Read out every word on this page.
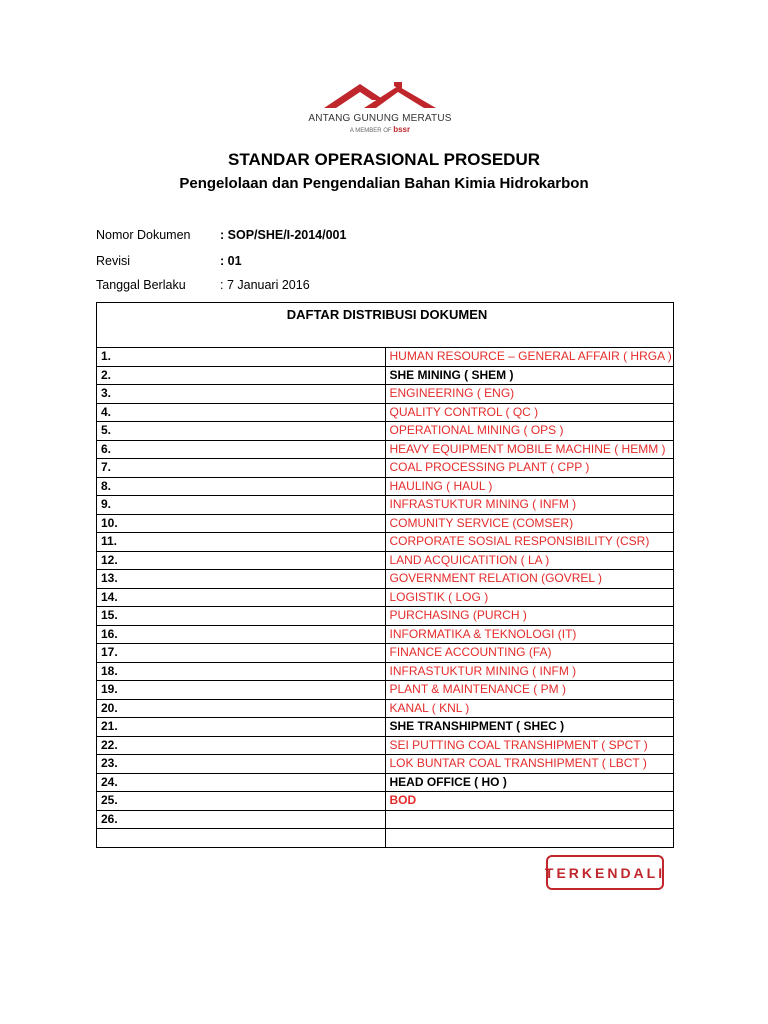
ANTANG GUNUNG MERATUS
A MEMBER OF bssr
STANDAR OPERASIONAL PROSEDUR
Pengelolaan dan Pengendalian Bahan Kimia Hidrokarbon
Nomor Dokumen : SOP/SHE/I-2014/001
Revisi	: 01
Tanggal Berlaku	: 7 Januari 2016
DAFTAR DISTRIBUSI DOKUMEN	
1.	HUMAN RESOURCE – GENERAL AFFAIR ( HRGA )
2.	SHE MINING ( SHEM )
3.	ENGINEERING ( ENG)
4.	QUALITY CONTROL ( QC )
5.	OPERATIONAL MINING ( OPS )
6.	HEAVY EQUIPMENT MOBILE MACHINE ( HEMM )
7.	COAL PROCESSING PLANT ( CPP )
8.	HAULING ( HAUL )
9.	INFRASTUKTUR MINING ( INFM )
10.	COMUNITY SERVICE (COMSER)
11.	CORPORATE SOSIAL RESPONSIBILITY (CSR)
12.	LAND ACQUICATITION ( LA )
13.	GOVERNMENT RELATION (GOVREL )
14.	LOGISTIK ( LOG )
15.	PURCHASING (PURCH )
16.	INFORMATIKA & TEKNOLOGI (IT)
17.	FINANCE ACCOUNTING (FA)
18.	INFRASTUKTUR MINING ( INFM )
19.	PLANT & MAINTENANCE ( PM )
20.	KANAL ( KNL )
21.	SHE TRANSHIPMENT ( SHEC )
22.	SEI PUTTING COAL TRANSHIPMENT ( SPCT )
23.	LOK BUNTAR COAL TRANSHIPMENT ( LBCT )
24.	HEAD OFFICE ( HO )
25.	BOD
26.	

TERKENDALI
